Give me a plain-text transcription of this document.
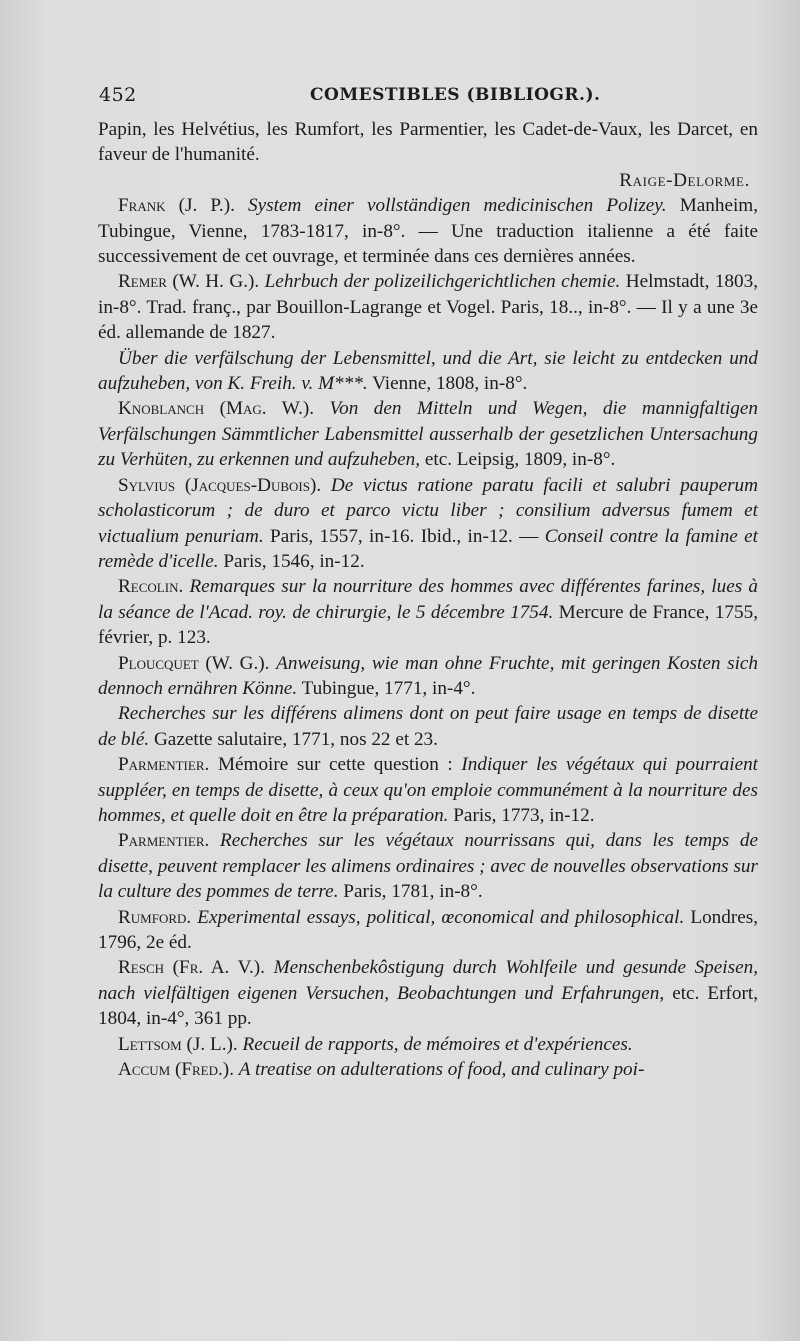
452	COMESTIBLES (BIBLIOGR.).

Papin, les Helvétius, les Rumfort, les Parmentier, les Cadet-de-Vaux, les Darcet, en faveur de l'humanité.

Raige-Delorme.

Frank (J. P.). System einer vollständigen medicinischen Polizey. Manheim, Tubingue, Vienne, 1783-1817, in-8°. — Une traduction italienne a été faite successivement de cet ouvrage, et terminée dans ces dernières années.

Remer (W. H. G.). Lehrbuch der polizeilichgerichtlichen chemie. Helmstadt, 1803, in-8°. Trad. franç., par Bouillon-Lagrange et Vogel. Paris, 18.., in-8°. — Il y a une 3e éd. allemande de 1827.

Über die verfälschung der Lebensmittel, und die Art, sie leicht zu entdecken und aufzuheben, von K. Freih. v. M***. Vienne, 1808, in-8°.

Knoblanch (Mag. W.). Von den Mitteln und Wegen, die mannigfaltigen Verfälschungen Sämmtlicher Labensmittel ausserhalb der gesetzlichen Untersachung zu Verhüten, zu erkennen und aufzuheben, etc. Leipsig, 1809, in-8°.

Sylvius (Jacques-Dubois). De victus ratione paratu facili et salubri pauperum scholasticorum ; de duro et parco victu liber ; consilium adversus fumem et victualium penuriam. Paris, 1557, in-16. Ibid., in-12. — Conseil contre la famine et remède d'icelle. Paris, 1546, in-12.

Recolin. Remarques sur la nourriture des hommes avec différentes farines, lues à la séance de l'Acad. roy. de chirurgie, le 5 décembre 1754. Mercure de France, 1755, février, p. 123.

Ploucquet (W. G.). Anweisung, wie man ohne Fruchte, mit geringen Kosten sich dennoch ernähren Könne. Tubingue, 1771, in-4°.

Recherches sur les différens alimens dont on peut faire usage en temps de disette de blé. Gazette salutaire, 1771, nos 22 et 23.

Parmentier. Mémoire sur cette question : Indiquer les végétaux qui pourraient suppléer, en temps de disette, à ceux qu'on emploie communément à la nourriture des hommes, et quelle doit en être la préparation. Paris, 1773, in-12.

Parmentier. Recherches sur les végétaux nourrissans qui, dans les temps de disette, peuvent remplacer les alimens ordinaires ; avec de nouvelles observations sur la culture des pommes de terre. Paris, 1781, in-8°.

Rumford. Experimental essays, political, œconomical and philosophical. Londres, 1796, 2e éd.

Resch (Fr. A. V.). Menschenbekôstigung durch Wohlfeile und gesunde Speisen, nach vielfältigen eigenen Versuchen, Beobachtungen und Erfahrungen, etc. Erfort, 1804, in-4°, 361 pp.

Lettsom (J. L.). Recueil de rapports, de mémoires et d'expériences.

Accum (Fred.). A treatise on adulterations of food, and culinary poi-
